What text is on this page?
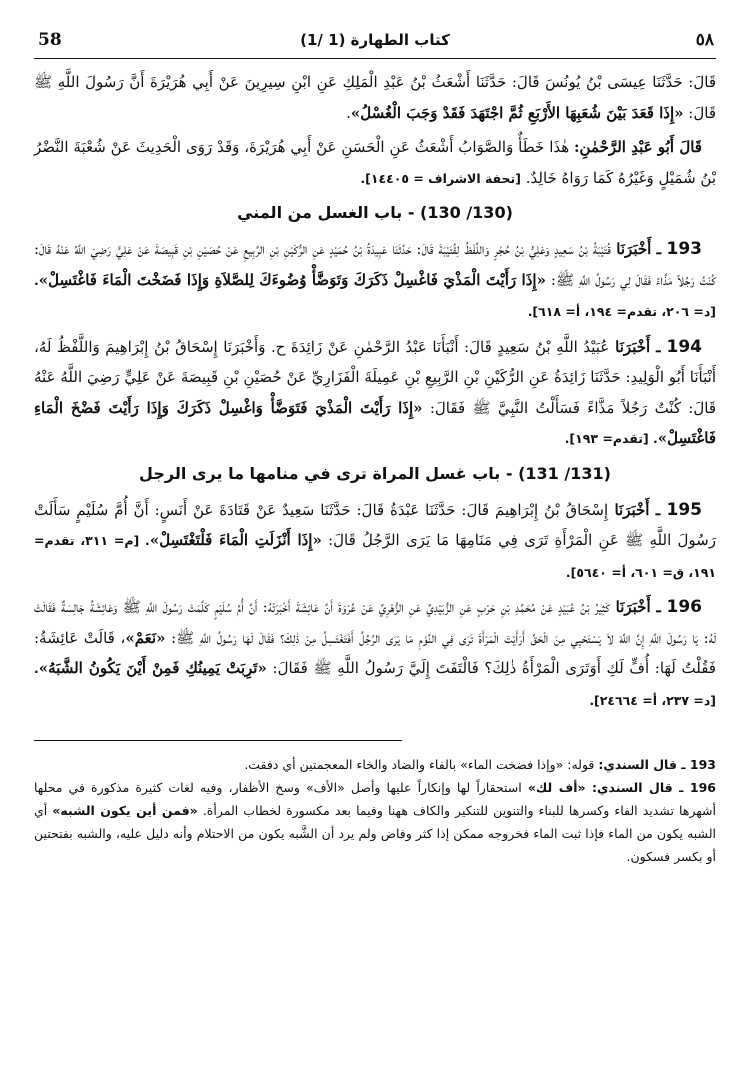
٥٨
(1/ 1) كتاب الطهارة
58

قَالَ: حَدَّثَنَا عِيسَى بْنُ يُونُسَ قَالَ: حَدَّثَنَا أَشْعَثُ بْنُ عَبْدِ الْمَلِكِ عَنِ ابْنِ سِيرِينَ عَنْ أَبِي هُرَيْرَةَ أَنَّ رَسُولَ اللَّهِ ﷺ قَالَ: «إِذَا قَعَدَ بَيْنَ شُعَبِهَا الأَرْبَعِ ثُمَّ اجْتَهَدَ فَقَدْ وَجَبَ الْغُسْلُ».

قَالَ أَبُو عَبْدِ الرَّحْمٰنِ: هٰذَا خَطَأٌ وَالصَّوَابُ أَشْعَثُ عَنِ الْحَسَنِ عَنْ أَبِي هُرَيْرَةَ، وَقَدْ رَوَى الْحَدِيثَ عَنْ شُعْبَةَ النَّضْرُ بْنُ شُمَيْلٍ وَغَيْرُهُ كَمَا رَوَاهُ خَالِدٌ. [تحفة الاشراف = ١٤٤٠٥].

(130/ 130) - باب الغسل من المني

193 ـ أَخْبَرَنَا قُتَيْبَةُ بْنُ سَعِيدٍ وَعَلِيُّ بْنُ حُجْرٍ وَاللَّفْظُ لِقُتَيْبَةَ قَالَ: حَدَّثَنَا عَبِيدَةُ بْنُ حُمَيْدٍ عَنِ الرُّكَيْنِ بْنِ الرَّبِيعِ عَنْ حُصَيْنِ بْنِ قَبِيصَةَ عَنْ عَلِيٍّ رَضِيَ اللَّهُ عَنْهُ قَالَ: كُنْتُ رَجُلاً مَذَّاءً فَقَالَ لِي رَسُولُ اللَّهِ ﷺ: «إِذَا رَأَيْتَ الْمَذْيَ فَاغْسِلْ ذَكَرَكَ وَتَوَضَّأْ وُضُوءَكَ لِلصَّلاَةِ وَإِذَا فَضَخْتَ الْمَاءَ فَاغْتَسِلْ». [د= ٢٠٦، تقدم= ١٩٤، أ= ٦١٨].

194 ـ أَخْبَرَنَا عُبَيْدُ اللَّهِ بْنُ سَعِيدٍ قَالَ: أَنْبَأَنَا عَبْدُ الرَّحْمٰنِ عَنْ زَائِدَةَ ح. وَأَخْبَرَنَا إِسْحَاقُ بْنُ إِبْرَاهِيمَ وَاللَّفْظُ لَهُ، أَنْبَأَنَا أَبُو الْوَلِيدِ: حَدَّثَنَا زَائِدَةُ عَنِ الرُّكَيْنِ بْنِ الرَّبِيعِ بْنِ عَمِيلَةَ الْفَزَارِيِّ عَنْ حُصَيْنِ بْنِ قَبِيصَةَ عَنْ عَلِيٍّ رَضِيَ اللَّهُ عَنْهُ قَالَ: كُنْتُ رَجُلاً مَذَّاءً فَسَأَلْتُ النَّبِيَّ ﷺ فَقَالَ: «إِذَا رَأَيْتَ الْمَذْيَ فَتَوَضَّأْ وَاغْسِلْ ذَكَرَكَ وَإِذَا رَأَيْتَ فَضْخَ الْمَاءِ فَاغْتَسِلْ». [تقدم= ١٩٣].

(131/ 131) - باب غسل المراة ترى في منامها ما يرى الرجل

195 ـ أَخْبَرَنَا إِسْحَاقُ بْنُ إِبْرَاهِيمَ قَالَ: حَدَّثَنَا عَبْدَةُ قَالَ: حَدَّثَنَا سَعِيدٌ عَنْ قَتَادَةَ عَنْ أَنَسٍ: أَنَّ أُمَّ سُلَيْمٍ سَأَلَتْ رَسُولَ اللَّهِ ﷺ عَنِ الْمَرْأَةِ تَرَى فِي مَنَامِهَا مَا يَرَى الرَّجُلُ قَالَ: «إِذَا أَنْزَلَتِ الْمَاءَ فَلْتَغْتَسِلْ». [م= ٣١١، تقدم= ١٩١، ق= ٦٠١، أ= ٥٦٤٠].

196 ـ أَخْبَرَنَا كَثِيرُ بْنُ عُبَيْدٍ عَنْ مُحَمَّدِ بْنِ حَرْبٍ عَنِ الزُّبَيْدِيِّ عَنِ الزُّهْرِيِّ عَنْ عُرْوَةَ أَنَّ عَائِشَةَ أَخْبَرَتْهُ: أَنَّ أُمَّ سُلَيْمٍ كَلَّمَتْ رَسُولَ اللَّهِ ﷺ وَعَائِشَةُ جَالِسَةٌ فَقَالَتْ لَهُ: يَا رَسُولَ اللَّهِ إِنَّ اللَّهَ لاَ يَسْتَحْيِي مِنَ الْحَقِّ أَرَأَيْتَ الْمَرْأَةَ تَرَى فِي النَّوْمِ مَا يَرَى الرَّجُلُ أَفَتَغْتَسِلُ مِنْ ذٰلِكَ؟ فَقَالَ لَهَا رَسُولُ اللَّهِ ﷺ: «نَعَمْ»، قَالَتْ عَائِشَةُ: فَقُلْتُ لَهَا: أُفٍّ لَكِ أَوَتَرَى الْمَرْأَةُ ذٰلِكَ؟ فَالْتَفَتَ إِلَيَّ رَسُولُ اللَّهِ ﷺ فَقَالَ: «تَرِبَتْ يَمِينُكِ فَمِنْ أَيْنَ يَكُونُ الشَّبَهُ». [د= ٢٣٧، أ= ٢٤٦٦٤].

193 ـ قال السندي: قوله: «وإذا فضخت الماء» بالفاء والضاد والخاء المعجمتين أي دفقت.

196 ـ قال السندي: «أف لك» استحقاراً لها وإنكاراً عليها وأصل «الأف» وسخ الأظفار، وفيه لغات كثيرة مذكورة في محلها أشهرها تشديد الفاء وكسرها للبناء والتنوين للتنكير والكاف ههنا وفيما بعد مكسورة لخطاب المرأة. «فمن أين يكون الشبه» أي الشبه يكون من الماء فإذا ثبت الماء فخروجه ممكن إذا كثر وفاض ولم يرد أن الشَّبه يكون من الاحتلام وأنه دليل عليه، والشبه بفتحتين أو بكسر فسكون.
